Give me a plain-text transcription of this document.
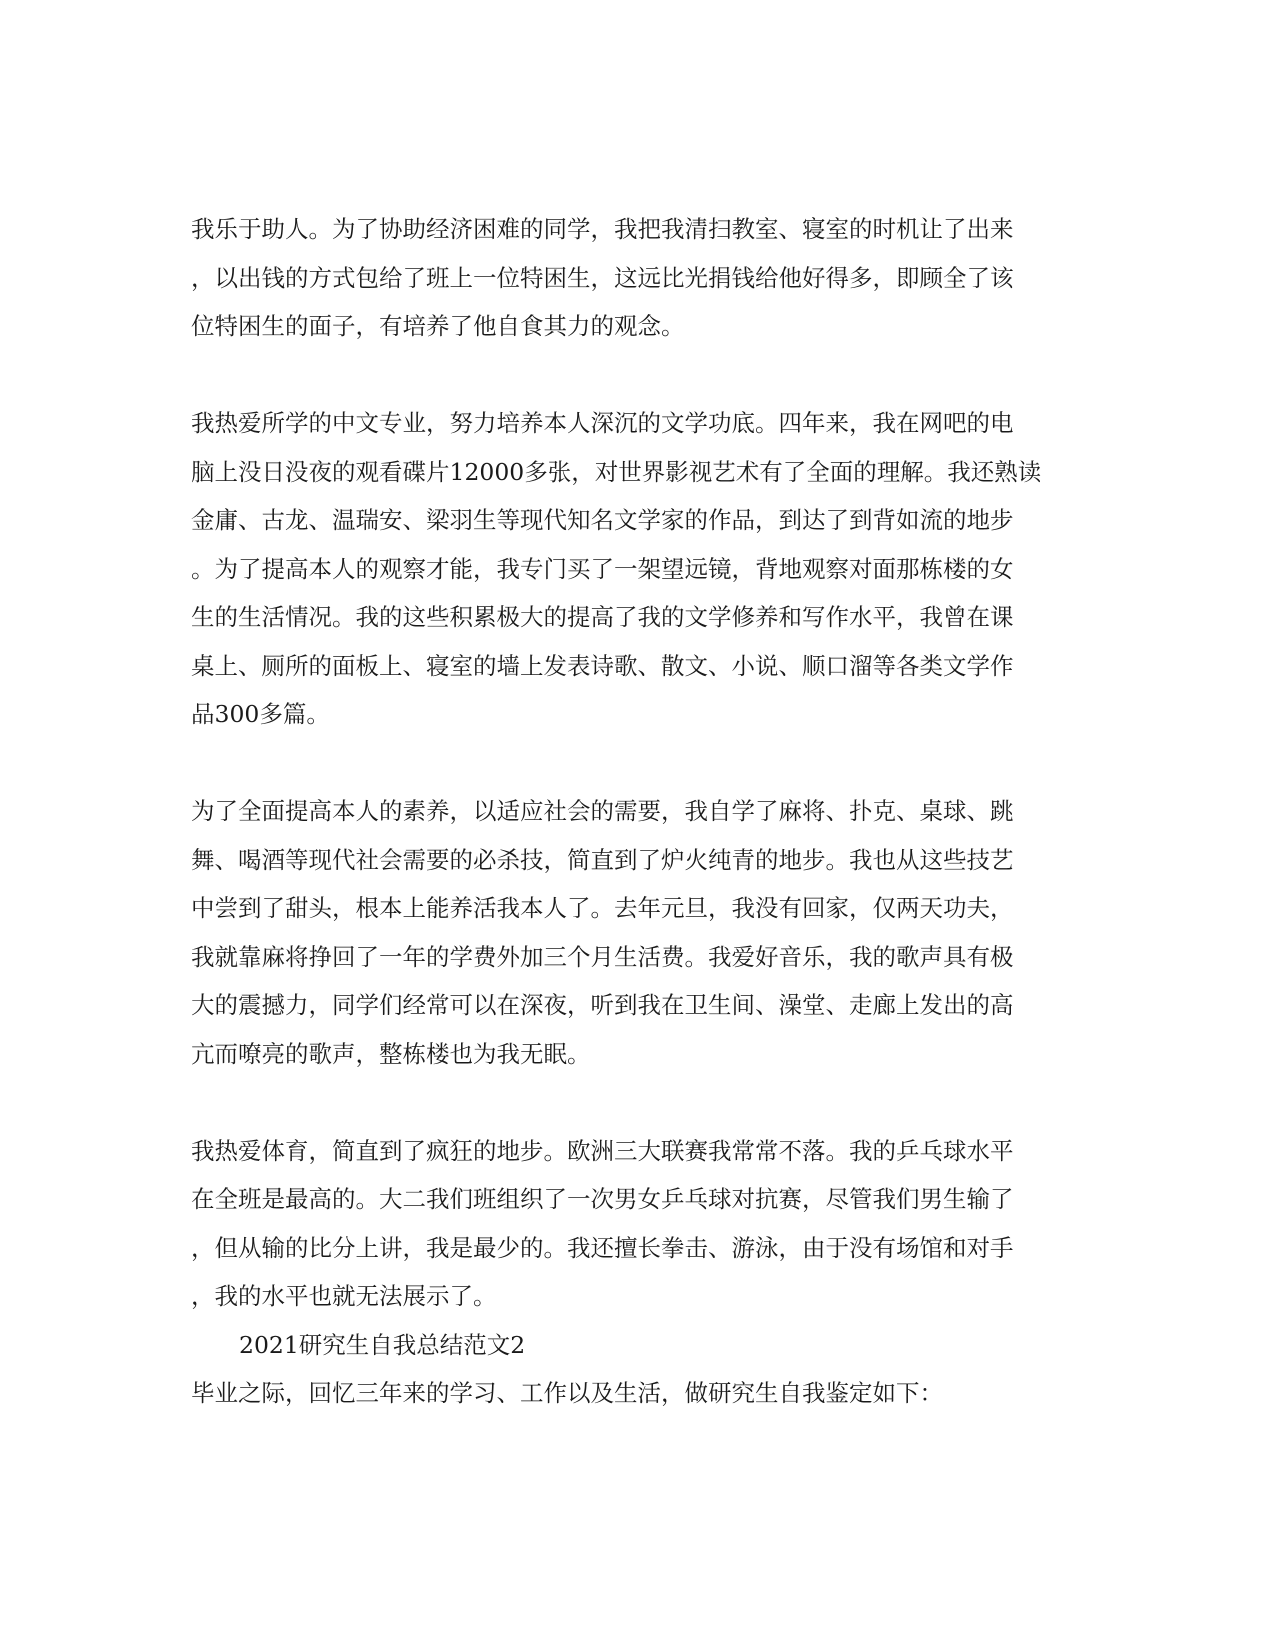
我乐于助人。为了协助经济困难的同学，我把我清扫教室、寝室的时机让了出来
，以出钱的方式包给了班上一位特困生，这远比光捐钱给他好得多，即顾全了该
位特困生的面子，有培养了他自食其力的观念。

我热爱所学的中文专业，努力培养本人深沉的文学功底。四年来，我在网吧的电
脑上没日没夜的观看碟片12000多张，对世界影视艺术有了全面的理解。我还熟读
金庸、古龙、温瑞安、梁羽生等现代知名文学家的作品，到达了到背如流的地步
。为了提高本人的观察才能，我专门买了一架望远镜，背地观察对面那栋楼的女
生的生活情况。我的这些积累极大的提高了我的文学修养和写作水平，我曾在课
桌上、厕所的面板上、寝室的墙上发表诗歌、散文、小说、顺口溜等各类文学作
品300多篇。

为了全面提高本人的素养，以适应社会的需要，我自学了麻将、扑克、桌球、跳
舞、喝酒等现代社会需要的必杀技，简直到了炉火纯青的地步。我也从这些技艺
中尝到了甜头，根本上能养活我本人了。去年元旦，我没有回家，仅两天功夫，
我就靠麻将挣回了一年的学费外加三个月生活费。我爱好音乐，我的歌声具有极
大的震撼力，同学们经常可以在深夜，听到我在卫生间、澡堂、走廊上发出的高
亢而嘹亮的歌声，整栋楼也为我无眠。

我热爱体育，简直到了疯狂的地步。欧洲三大联赛我常常不落。我的乒乓球水平
在全班是最高的。大二我们班组织了一次男女乒乓球对抗赛，尽管我们男生输了
，但从输的比分上讲，我是最少的。我还擅长拳击、游泳，由于没有场馆和对手
，我的水平也就无法展示了。

2021研究生自我总结范文2

毕业之际，回忆三年来的学习、工作以及生活，做研究生自我鉴定如下：
